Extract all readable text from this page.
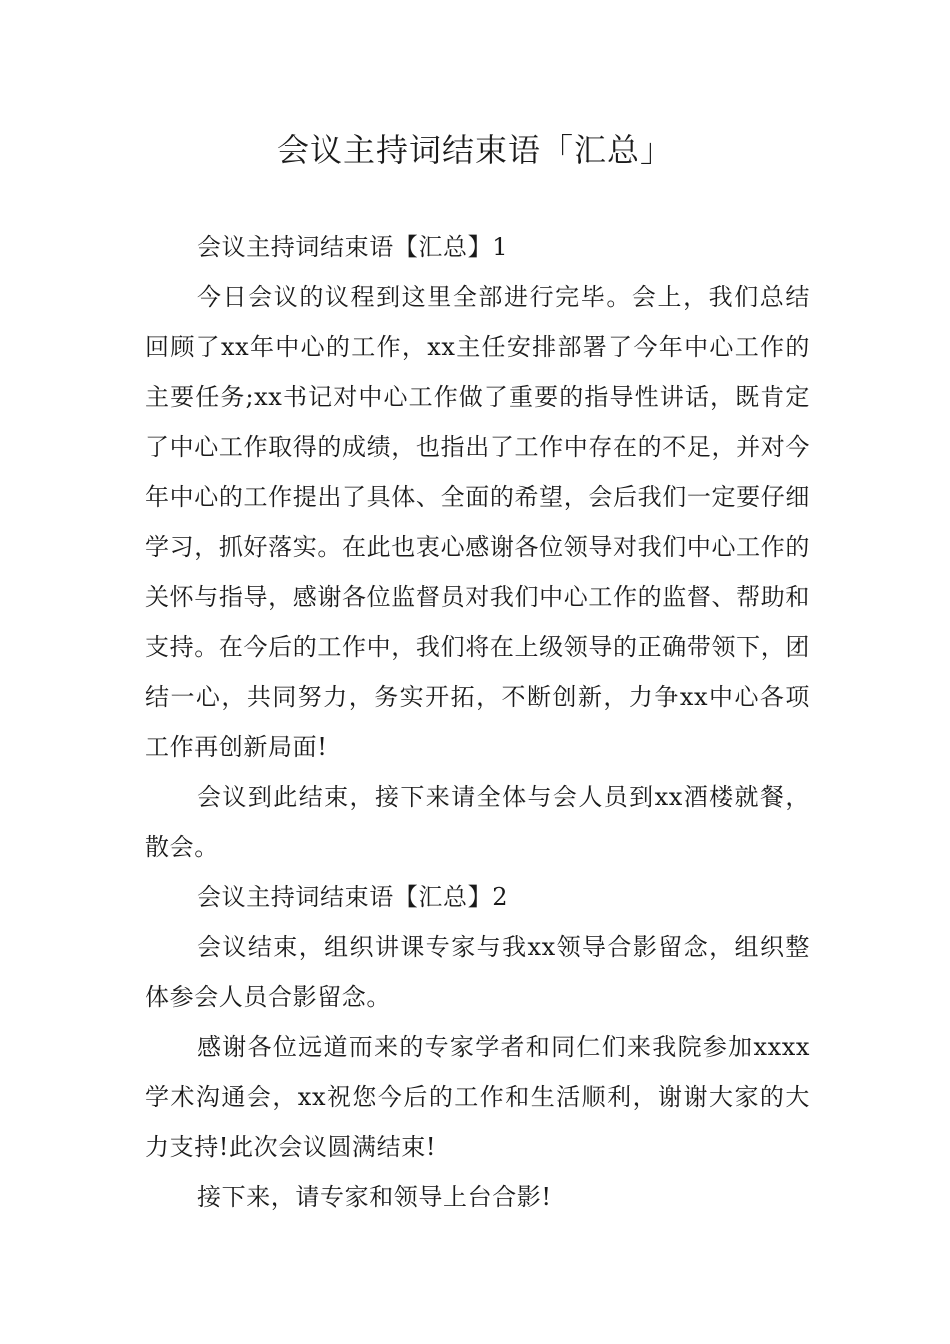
会议主持词结束语「汇总」

会议主持词结束语【汇总】1

今日会议的议程到这里全部进行完毕。会上，我们总结回顾了xx年中心的工作，xx主任安排部署了今年中心工作的主要任务;xx书记对中心工作做了重要的指导性讲话，既肯定了中心工作取得的成绩，也指出了工作中存在的不足，并对今年中心的工作提出了具体、全面的希望，会后我们一定要仔细学习，抓好落实。在此也衷心感谢各位领导对我们中心工作的关怀与指导，感谢各位监督员对我们中心工作的监督、帮助和支持。在今后的工作中，我们将在上级领导的正确带领下，团结一心，共同努力，务实开拓，不断创新，力争xx中心各项工作再创新局面!

会议到此结束，接下来请全体与会人员到xx酒楼就餐，散会。

会议主持词结束语【汇总】2

会议结束，组织讲课专家与我xx领导合影留念，组织整体参会人员合影留念。

感谢各位远道而来的专家学者和同仁们来我院参加xxxx学术沟通会，xx祝您今后的工作和生活顺利，谢谢大家的大力支持!此次会议圆满结束!

接下来，请专家和领导上台合影!
